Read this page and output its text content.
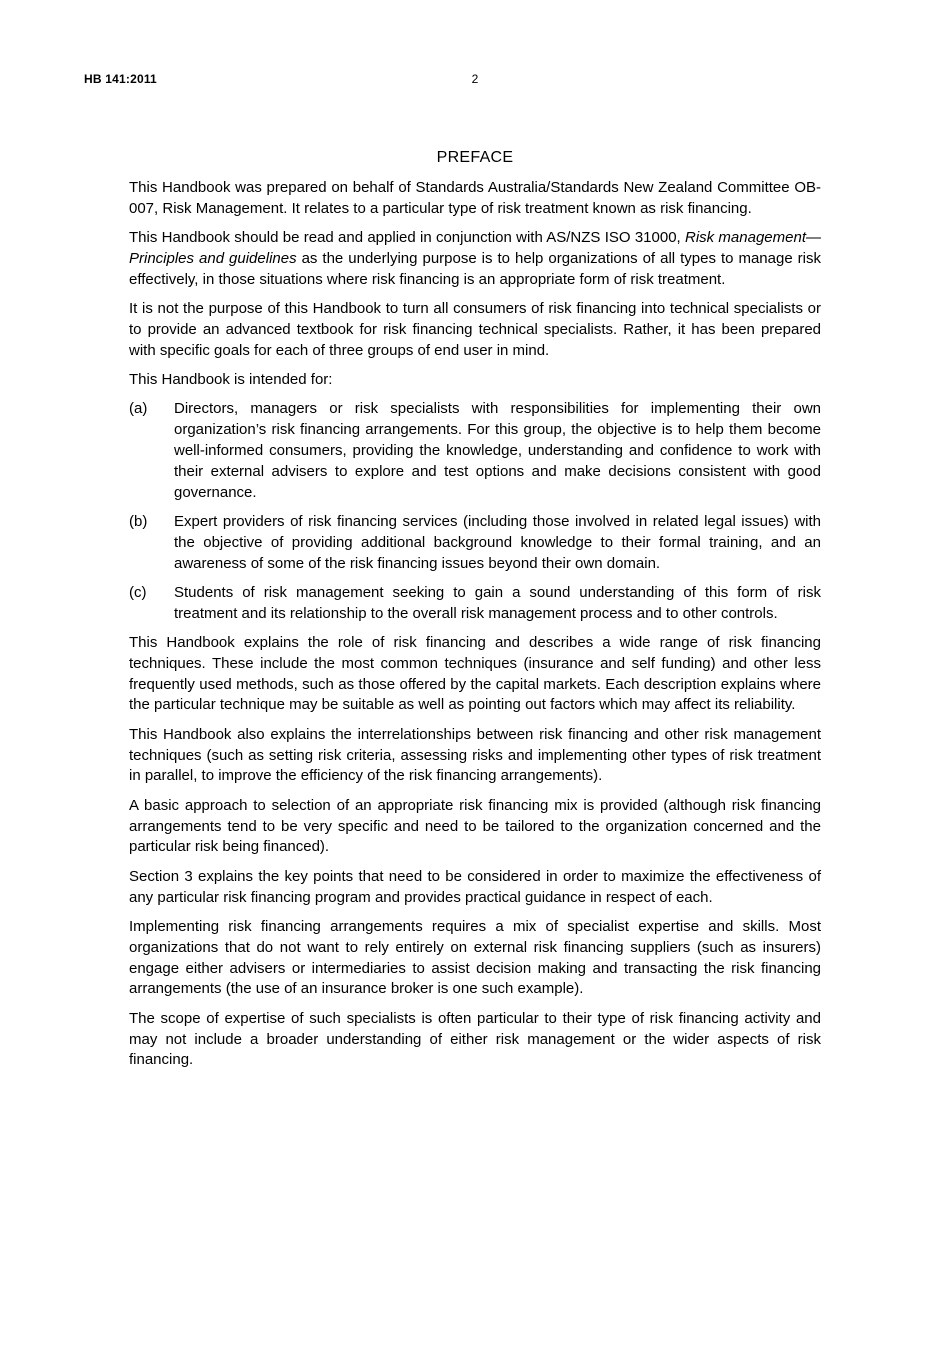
HB 141:2011	2
PREFACE

This Handbook was prepared on behalf of Standards Australia/Standards New Zealand Committee OB-007, Risk Management. It relates to a particular type of risk treatment known as risk financing.

This Handbook should be read and applied in conjunction with AS/NZS ISO 31000, Risk management—Principles and guidelines as the underlying purpose is to help organizations of all types to manage risk effectively, in those situations where risk financing is an appropriate form of risk treatment.

It is not the purpose of this Handbook to turn all consumers of risk financing into technical specialists or to provide an advanced textbook for risk financing technical specialists. Rather, it has been prepared with specific goals for each of three groups of end user in mind.

This Handbook is intended for:

(a)	Directors, managers or risk specialists with responsibilities for implementing their own organization’s risk financing arrangements. For this group, the objective is to help them become well-informed consumers, providing the knowledge, understanding and confidence to work with their external advisers to explore and test options and make decisions consistent with good governance.
(b)	Expert providers of risk financing services (including those involved in related legal issues) with the objective of providing additional background knowledge to their formal training, and an awareness of some of the risk financing issues beyond their own domain.
(c)	Students of risk management seeking to gain a sound understanding of this form of risk treatment and its relationship to the overall risk management process and to other controls.

This Handbook explains the role of risk financing and describes a wide range of risk financing techniques. These include the most common techniques (insurance and self funding) and other less frequently used methods, such as those offered by the capital markets. Each description explains where the particular technique may be suitable as well as pointing out factors which may affect its reliability.

This Handbook also explains the interrelationships between risk financing and other risk management techniques (such as setting risk criteria, assessing risks and implementing other types of risk treatment in parallel, to improve the efficiency of the risk financing arrangements).

A basic approach to selection of an appropriate risk financing mix is provided (although risk financing arrangements tend to be very specific and need to be tailored to the organization concerned and the particular risk being financed).

Section 3 explains the key points that need to be considered in order to maximize the effectiveness of any particular risk financing program and provides practical guidance in respect of each.

Implementing risk financing arrangements requires a mix of specialist expertise and skills. Most organizations that do not want to rely entirely on external risk financing suppliers (such as insurers) engage either advisers or intermediaries to assist decision making and transacting the risk financing arrangements (the use of an insurance broker is one such example).

The scope of expertise of such specialists is often particular to their type of risk financing activity and may not include a broader understanding of either risk management or the wider aspects of risk financing.
